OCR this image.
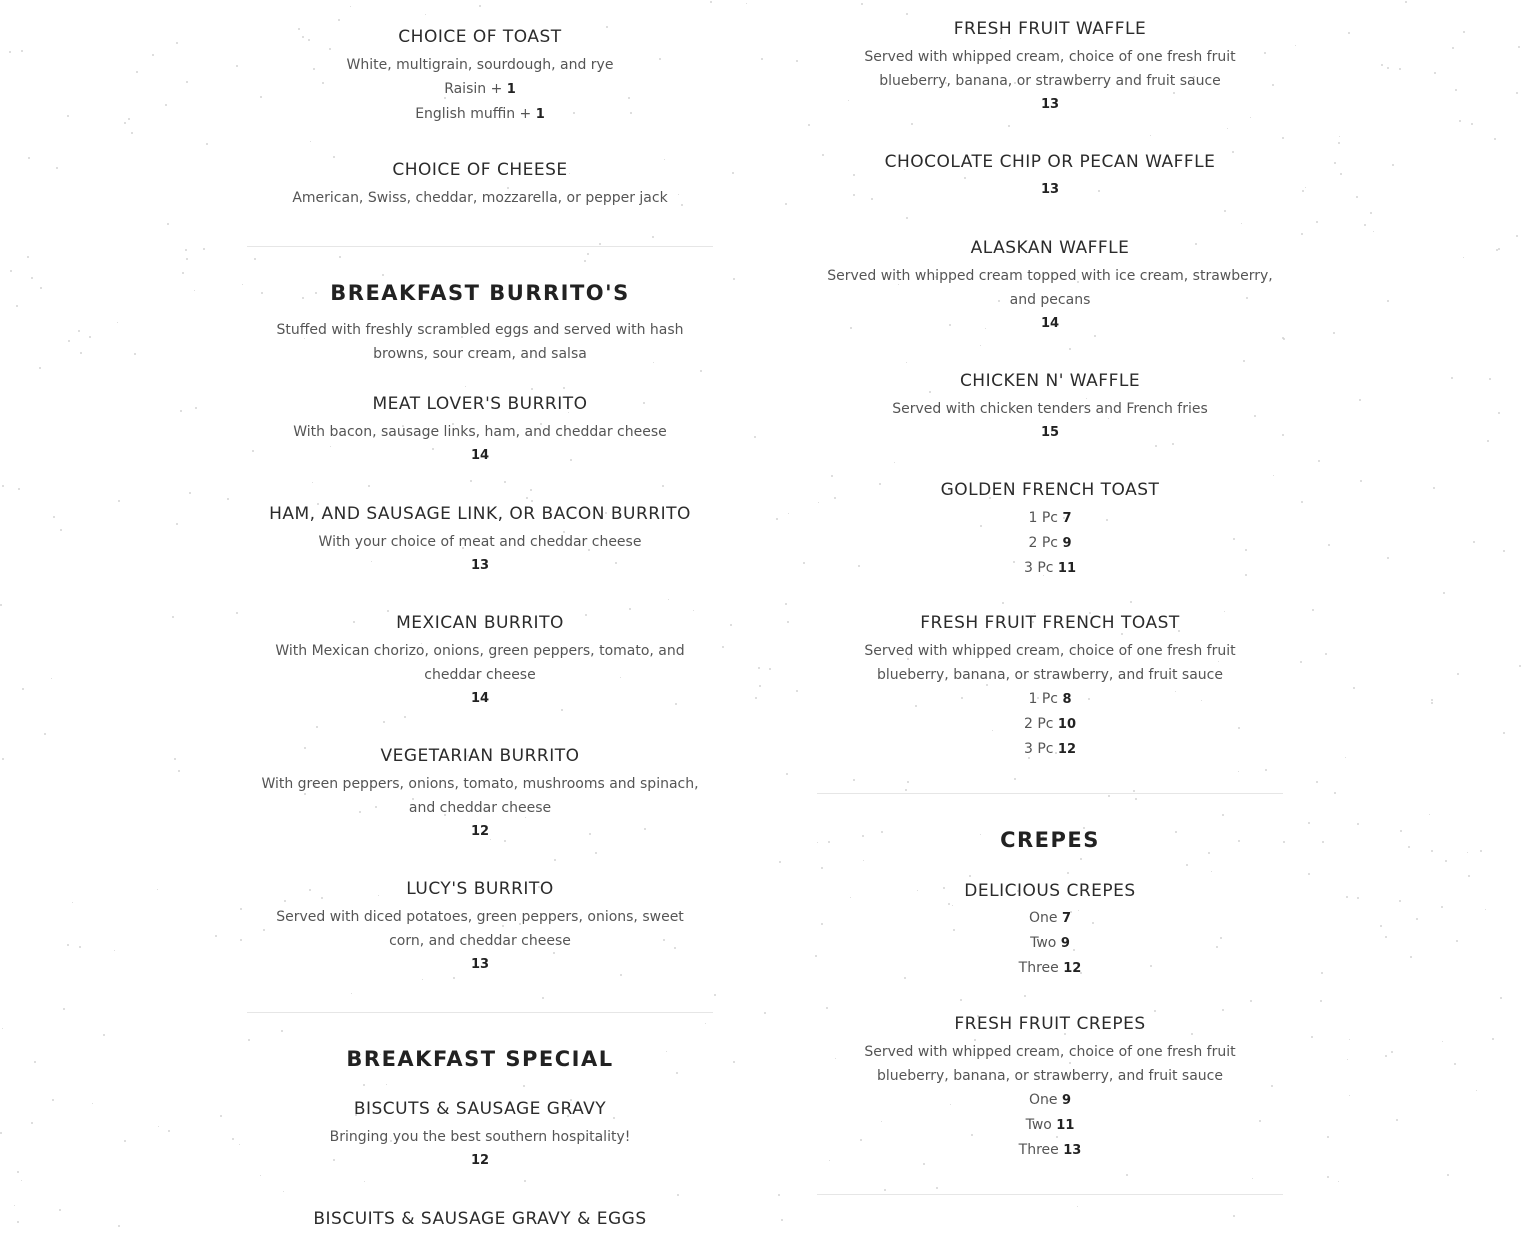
CHOICE OF TOAST
White, multigrain, sourdough, and rye
Raisin + 1
English muffin + 1
CHOICE OF CHEESE
American, Swiss, cheddar, mozzarella, or pepper jack
BREAKFAST BURRITO'S
Stuffed with freshly scrambled eggs and served with hash browns, sour cream, and salsa
MEAT LOVER'S BURRITO
With bacon, sausage links, ham, and cheddar cheese
14
HAM, AND SAUSAGE LINK, OR BACON BURRITO
With your choice of meat and cheddar cheese
13
MEXICAN BURRITO
With Mexican chorizo, onions, green peppers, tomato, and cheddar cheese
14
VEGETARIAN BURRITO
With green peppers, onions, tomato, mushrooms and spinach, and cheddar cheese
12
LUCY'S BURRITO
Served with diced potatoes, green peppers, onions, sweet corn, and cheddar cheese
13
BREAKFAST SPECIAL
BISCUTS & SAUSAGE GRAVY
Bringing you the best southern hospitality!
12
BISCUITS & SAUSAGE GRAVY & EGGS
FRESH FRUIT WAFFLE
Served with whipped cream, choice of one fresh fruit blueberry, banana, or strawberry and fruit sauce
13
CHOCOLATE CHIP OR PECAN WAFFLE
13
ALASKAN WAFFLE
Served with whipped cream topped with ice cream, strawberry, and pecans
14
CHICKEN N' WAFFLE
Served with chicken tenders and French fries
15
GOLDEN FRENCH TOAST
1 Pc 7
2 Pc 9
3 Pc 11
FRESH FRUIT FRENCH TOAST
Served with whipped cream, choice of one fresh fruit blueberry, banana, or strawberry, and fruit sauce
1 Pc 8
2 Pc 10
3 Pc 12
CREPES
DELICIOUS CREPES
One 7
Two 9
Three 12
FRESH FRUIT CREPES
Served with whipped cream, choice of one fresh fruit blueberry, banana, or strawberry, and fruit sauce
One 9
Two 11
Three 13
